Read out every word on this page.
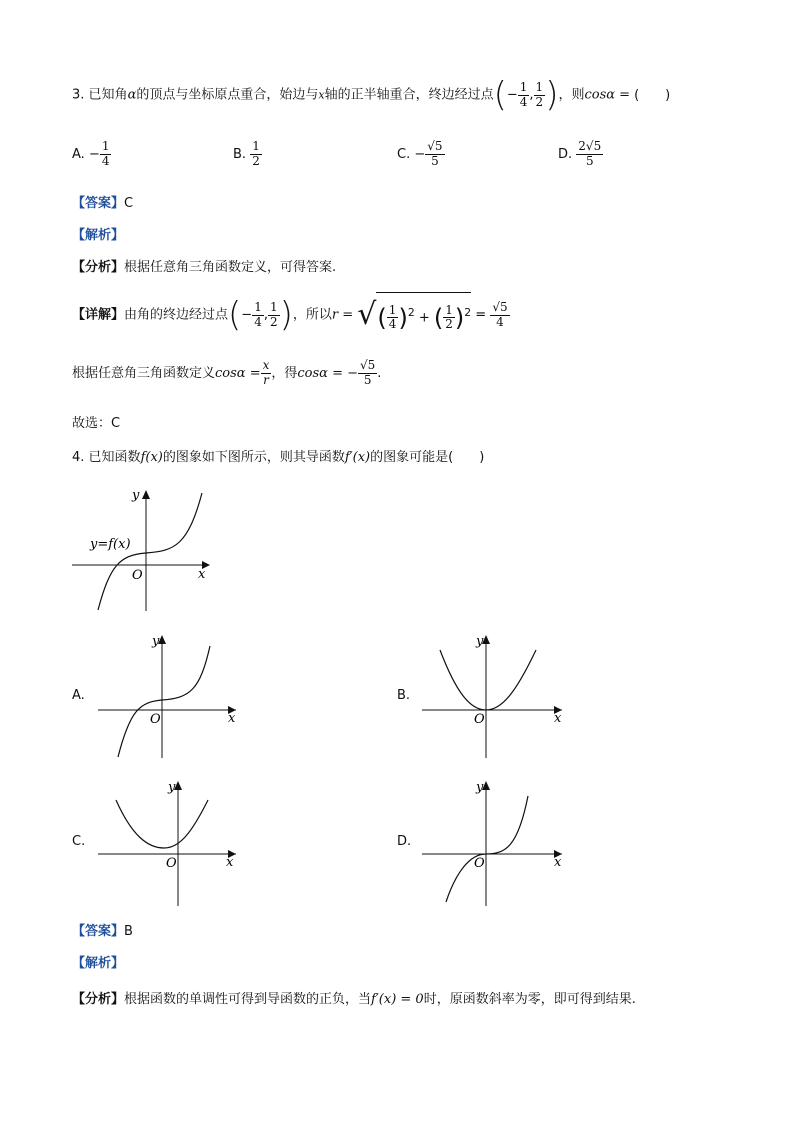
3. 已知角α的顶点与坐标原点重合，始边与x轴的正半轴重合，终边经过点(− $\frac{1}{4}$ , $\frac{1}{2}$ )，则cosα = (　　)
A. − $\frac{1}{4}$	B. $\frac{1}{2}$	C. − $\frac{√5}{5}$	D. $\frac{2√5}{5}$
【答案】C
【解析】
【分析】根据任意角三角函数定义，可得答案.
【详解】由角的终边经过点(− $\frac{1}{4}$ , $\frac{1}{2}$ )，所以r = √( $\frac{1}{4} )^2$ + ( $\frac{1}{2} )^2 = \frac{√5}{4}$
根据任意角三角函数定义$\cos\alpha = \frac{x}{r}$ ，得cosα = − $\frac{√5}{5}$ .
故选：C
4. 已知函数f(x)的图象如下图所示，则其导函数f′(x)的图象可能是(　　)
y
x
O
y=f(x)
A.
y
x
O
B.
y
x
O
C.
y
x
O
D.
y
x
O
【答案】B
【解析】
【分析】根据函数的单调性可得到导函数的正负，当f′(x) = 0时，原函数斜率为零，即可得到结果.
